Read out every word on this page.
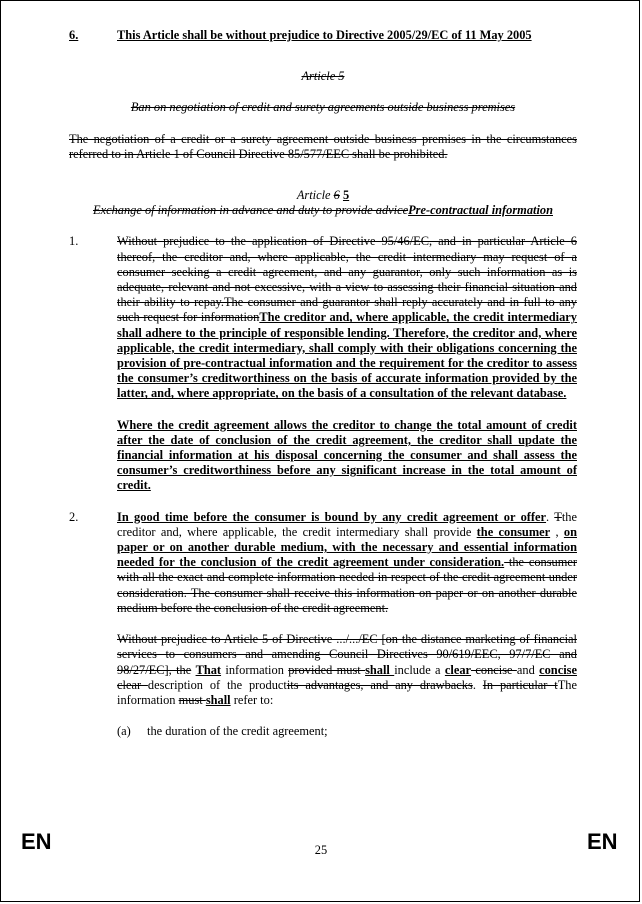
6.	This Article shall be without prejudice to Directive 2005/29/EC of 11 May 2005
Article 5
Ban on negotiation of credit and surety agreements outside business premises
The negotiation of a credit or a surety agreement outside business premises in the circumstances referred to in Article 1 of Council Directive 85/577/EEC shall be prohibited.
Article 6 5
Exchange of information in advance and duty to provide advicePre-contractual information
1.	Without prejudice to the application of Directive 95/46/EC, and in particular Article 6 thereof, the creditor and, where applicable, the credit intermediary may request of a consumer seeking a credit agreement, and any guarantor, only such information as is adequate, relevant and not excessive, with a view to assessing their financial situation and their ability to repay.The consumer and guarantor shall reply accurately and in full to any such request for informationThe creditor and, where applicable, the credit intermediary shall adhere to the principle of responsible lending. Therefore, the creditor and, where applicable, the credit intermediary, shall comply with their obligations concerning the provision of pre-contractual information and the requirement for the creditor to assess the consumer’s creditworthiness on the basis of accurate information provided by the latter, and, where appropriate, on the basis of a consultation of the relevant database.

Where the credit agreement allows the creditor to change the total amount of credit after the date of conclusion of the credit agreement, the creditor shall update the financial information at his disposal concerning the consumer and shall assess the consumer’s creditworthiness before any significant increase in the total amount of credit.

2.	In good time before the consumer is bound by any credit agreement or offer. Tthe creditor and, where applicable, the credit intermediary shall provide the consumer , on paper or on another durable medium, with the necessary and essential information needed for the conclusion of the credit agreement under consideration. the consumer with all the exact and complete information needed in respect of the credit agreement under consideration. The consumer shall receive this information on paper or on another durable medium before the conclusion of the credit agreement.

Without prejudice to Article 5 of Directive .../.../EC [on the distance marketing of financial services to consumers and amending Council Directives 90/619/EEC, 97/7/EC and 98/27/EC], the That information provided must shall include a clear concise and concise clear description of the productits advantages, and any drawbacks. In particular tThe information must shall refer to:

(a)	the duration of the credit agreement;
EN	25	EN
